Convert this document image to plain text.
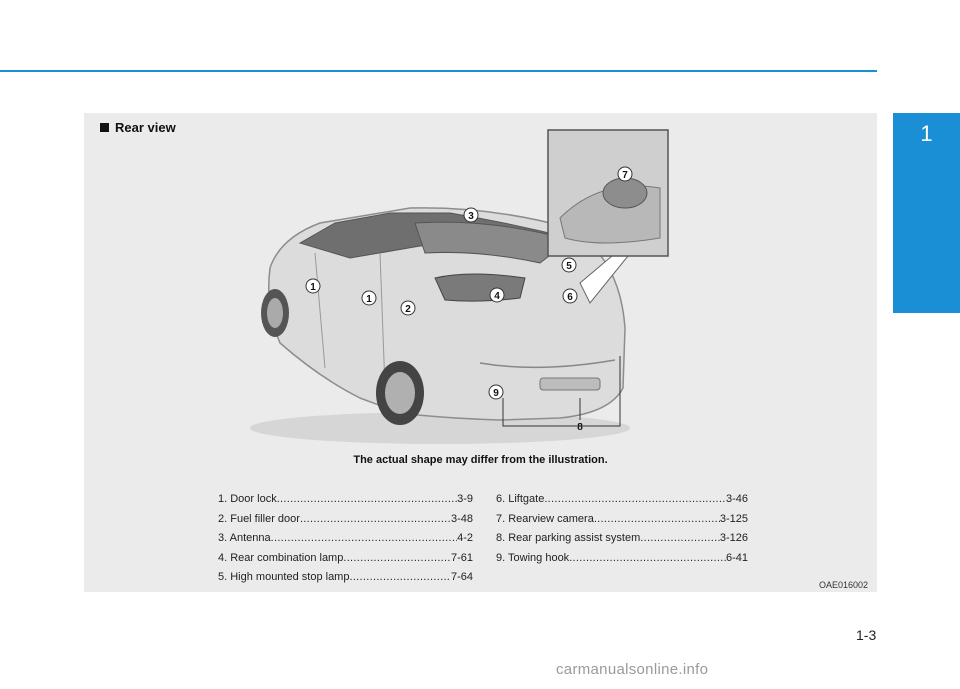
1
Your vehicle at a glance
Rear view
1
1
2
3
4
5
6
7
8
9
The actual shape may differ from the illustration.
1. Door lock .....	3-9
2. Fuel filler door .....	3-48
3. Antenna .....	4-2
4. Rear combination lamp .....	7-61
5. High mounted stop lamp .....	7-64
6. Liftgate .....	3-46
7. Rearview camera .....	3-125
8. Rear parking assist system .....	3-126
9. Towing hook .....	6-41
OAE016002
1-3
carmanualsonline.info
